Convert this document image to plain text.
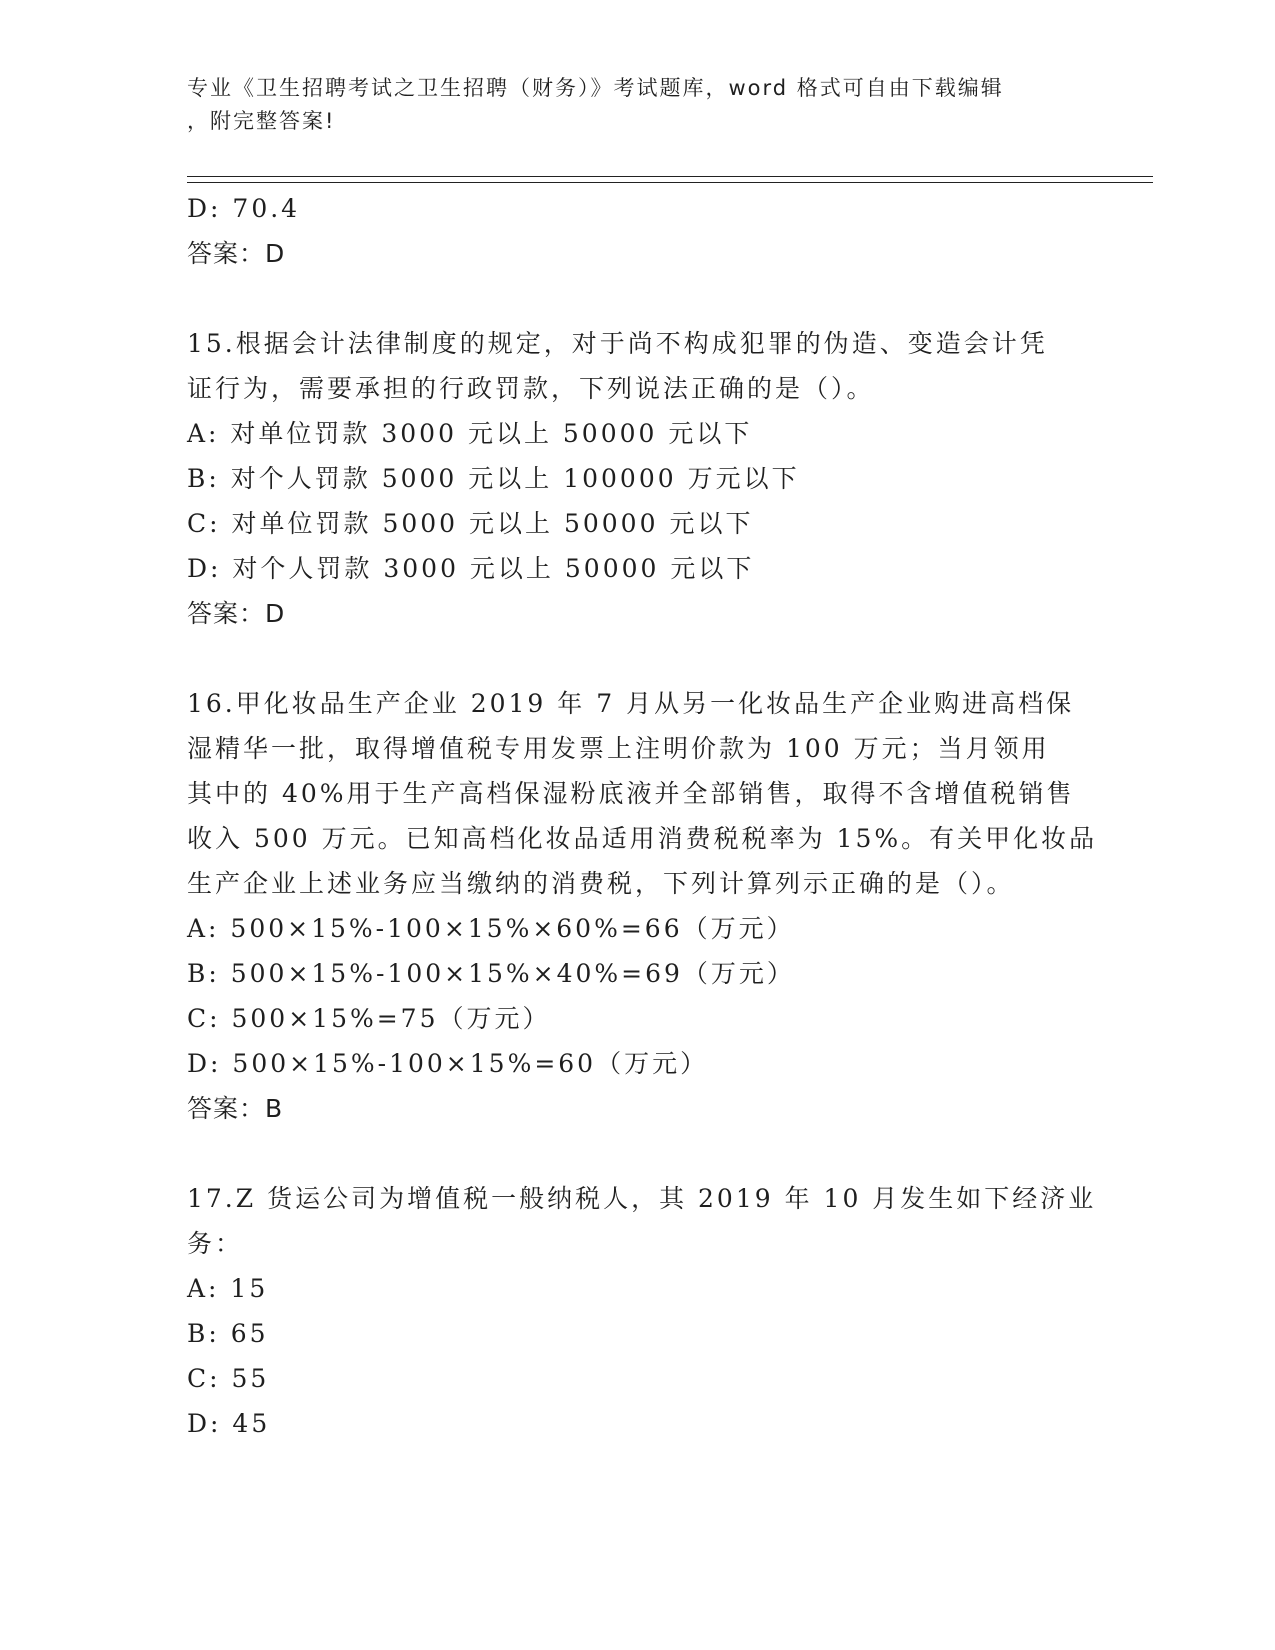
专业《卫生招聘考试之卫生招聘（财务）》考试题库，word 格式可自由下载编辑
，附完整答案!
D: 70.4
答案：D
15.根据会计法律制度的规定，对于尚不构成犯罪的伪造、变造会计凭
证行为，需要承担的行政罚款，下列说法正确的是（）。
A: 对单位罚款 3000 元以上 50000 元以下
B: 对个人罚款 5000 元以上 100000 万元以下
C: 对单位罚款 5000 元以上 50000 元以下
D: 对个人罚款 3000 元以上 50000 元以下
答案：D
16.甲化妆品生产企业 2019 年 7 月从另一化妆品生产企业购进高档保
湿精华一批，取得增值税专用发票上注明价款为 100 万元；当月领用
其中的 40%用于生产高档保湿粉底液并全部销售，取得不含增值税销售
收入 500 万元。已知高档化妆品适用消费税税率为 15%。有关甲化妆品
生产企业上述业务应当缴纳的消费税，下列计算列示正确的是（）。
A: 500×15%-100×15%×60%=66（万元）
B: 500×15%-100×15%×40%=69（万元）
C: 500×15%=75（万元）
D: 500×15%-100×15%=60（万元）
答案：B
17.Z 货运公司为增值税一般纳税人，其 2019 年 10 月发生如下经济业
务：
A: 15
B: 65
C: 55
D: 45
